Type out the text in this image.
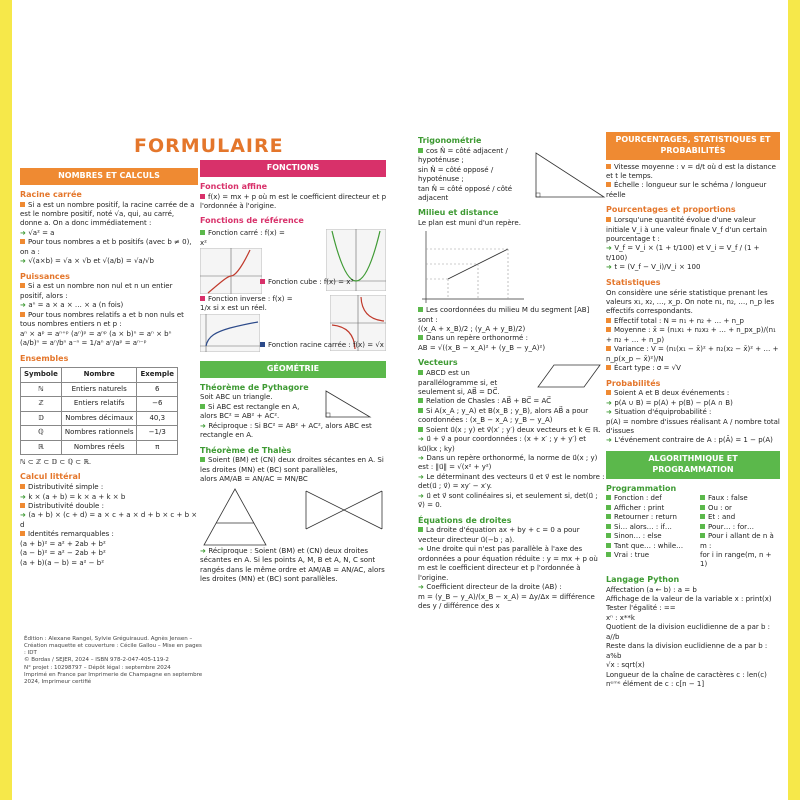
FORMULAIRE
NOMBRES ET CALCULS
Racine carrée

Si a est un nombre positif, la racine carrée de a est le nombre positif, noté √a, qui, au carré, donne a. On a donc immédiatement :

➜ √a² = a

Pour tous nombres a et b positifs (avec b ≠ 0), on a :

➜ √(a×b) = √a × √b et √(a/b) = √a/√b

Puissances

Si a est un nombre non nul et n un entier positif, alors :

➜ aⁿ = a × a × … × a (n fois)

Pour tous nombres relatifs a et b non nuls et tous nombres entiers n et p :

aⁿ × aᵖ = aⁿ⁺ᵖ (aⁿ)ᵖ = aⁿᵖ (a × b)ⁿ = aⁿ × bⁿ

(a/b)ⁿ = aⁿ/bⁿ a⁻ⁿ = 1/aⁿ aⁿ/aᵖ = aⁿ⁻ᵖ

Ensembles
Symbole	Nombre	Exemple
ℕ	Entiers naturels	6
ℤ	Entiers relatifs	−6
𝔻	Nombres décimaux	40,3
ℚ	Nombres rationnels	−1/3
ℝ	Nombres réels	π

ℕ ⊂ ℤ ⊂ 𝔻 ⊂ ℚ ⊂ ℝ.

Calcul littéral

Distributivité simple :

➜ k × (a + b) = k × a + k × b

Distributivité double :

➜ (a + b) × (c + d) = a × c + a × d + b × c + b × d

Identités remarquables :

(a + b)² = a² + 2ab + b²

(a − b)² = a² − 2ab + b²

(a + b)(a − b) = a² − b²

FONCTIONS
Fonction affine

f(x) = mx + p où m est le coefficient directeur et p l'ordonnée à l'origine.

Fonctions de référence

Fonction carré : f(x) = x²

Fonction cube : f(x) = x³

Fonction inverse : f(x) = 1/x si x est un réel.

Fonction racine carrée : f(x) = √x

GÉOMÉTRIE
Théorème de Pythagore

Soit ABC un triangle.

Si ABC est rectangle en A, alors BC² = AB² + AC².

➜ Réciproque : Si BC² = AB² + AC², alors ABC est rectangle en A.

Théorème de Thalès

Soient (BM) et (CN) deux droites sécantes en A. Si les droites (MN) et (BC) sont parallèles,

alors AM/AB = AN/AC = MN/BC

➜ Réciproque : Soient (BM) et (CN) deux droites sécantes en A. Si les points A, M, B et A, N, C sont rangés dans le même ordre et AM/AB = AN/AC, alors les droites (MN) et (BC) sont parallèles.

Trigonométrie

cos N̂ = côté adjacent / hypoténuse ;

sin N̂ = côté opposé / hypoténuse ;

tan N̂ = côté opposé / côté adjacent

Milieu et distance

Le plan est muni d'un repère.

Les coordonnées du milieu M du segment [AB] sont :

((x_A + x_B)/2 ; (y_A + y_B)/2)

Dans un repère orthonormé :

AB = √((x_B − x_A)² + (y_B − y_A)²)

Vecteurs

ABCD est un parallélogramme si, et seulement si, AB⃗ = DC⃗.

Relation de Chasles : AB⃗ + BC⃗ = AC⃗

Si A(x_A ; y_A) et B(x_B ; y_B), alors AB⃗ a pour coordonnées : (x_B − x_A ; y_B − y_A)

Soient u⃗(x ; y) et v⃗(x′ ; y′) deux vecteurs et k ∈ ℝ.

➜ u⃗ + v⃗ a pour coordonnées : (x + x′ ; y + y′) et ku⃗(kx ; ky)

➜ Dans un repère orthonormé, la norme de u⃗(x ; y) est : ‖u⃗‖ = √(x² + y²)

➜ Le déterminant des vecteurs u⃗ et v⃗ est le nombre : det(u⃗ ; v⃗) = xy′ − x′y.

➜ u⃗ et v⃗ sont colinéaires si, et seulement si, det(u⃗ ; v⃗) = 0.

Équations de droites

La droite d'équation ax + by + c = 0 a pour vecteur directeur u⃗(−b ; a).

➜ Une droite qui n'est pas parallèle à l'axe des ordonnées a pour équation réduite : y = mx + p où m est le coefficient directeur et p l'ordonnée à l'origine.

➜ Coefficient directeur de la droite (AB) :

m = (y_B − y_A)/(x_B − x_A) = Δy/Δx = différence des y / différence des x

POURCENTAGES, STATISTIQUES ET PROBABILITÉS

Vitesse moyenne : v = d/t où d est la distance et t le temps.

Échelle : longueur sur le schéma / longueur réelle

Pourcentages et proportions

Lorsqu'une quantité évolue d'une valeur initiale V_i à une valeur finale V_f d'un certain pourcentage t :

➜ V_f = V_i × (1 + t/100) et V_i = V_f / (1 + t/100)

➜ t = (V_f − V_i)/V_i × 100

Statistiques

On considère une série statistique prenant les valeurs x₁, x₂, …, x_p. On note n₁, n₂, …, n_p les effectifs correspondants.

Effectif total : N = n₁ + n₂ + … + n_p

Moyenne : x̄ = (n₁x₁ + n₂x₂ + … + n_px_p)/(n₁ + n₂ + … + n_p)

Variance : V = (n₁(x₁ − x̄)² + n₂(x₂ − x̄)² + … + n_p(x_p − x̄)²)/N

Écart type : σ = √V

Probabilités

Soient A et B deux événements :

➜ p(A ∪ B) = p(A) + p(B) − p(A ∩ B)

➜ Situation d'équiprobabilité :

p(A) = nombre d'issues réalisant A / nombre total d'issues

➜ L'événement contraire de A : p(Ā) = 1 − p(A)

ALGORITHMIQUE ET PROGRAMMATION
Programmation

Fonction : def

Afficher : print

Retourner : return

Si… alors… : if…

Sinon… : else

Tant que… : while…

Vrai : true

Faux : false

Ou : or

Et : and

Pour… : for…

Pour i allant de n à m :

for i in range(m, n + 1)

Langage Python

Affectation (a ← b) : a = b

Affichage de la valeur de la variable x : print(x)

Tester l'égalité : ==

xⁿ : x**k

Quotient de la division euclidienne de a par b : a//b

Reste dans la division euclidienne de a par b : a%b

√x : sqrt(x)

Longueur de la chaîne de caractères c : len(c)

nᵉᵐᵉ élément de c : c[n − 1]

Édition : Alexane Rangel, Sylvie Gréguirauud. Agnès Jensen – Création maquette et couverture : Cécile Gallou – Mise en pages : IDT
© Bordas / SEJER, 2024 – ISBN 978-2-047-405-119-2
N° projet : 10298797 – Dépôt légal : septembre 2024
Imprimé en France par Imprimerie de Champagne en septembre 2024, Imprimeur certifié
